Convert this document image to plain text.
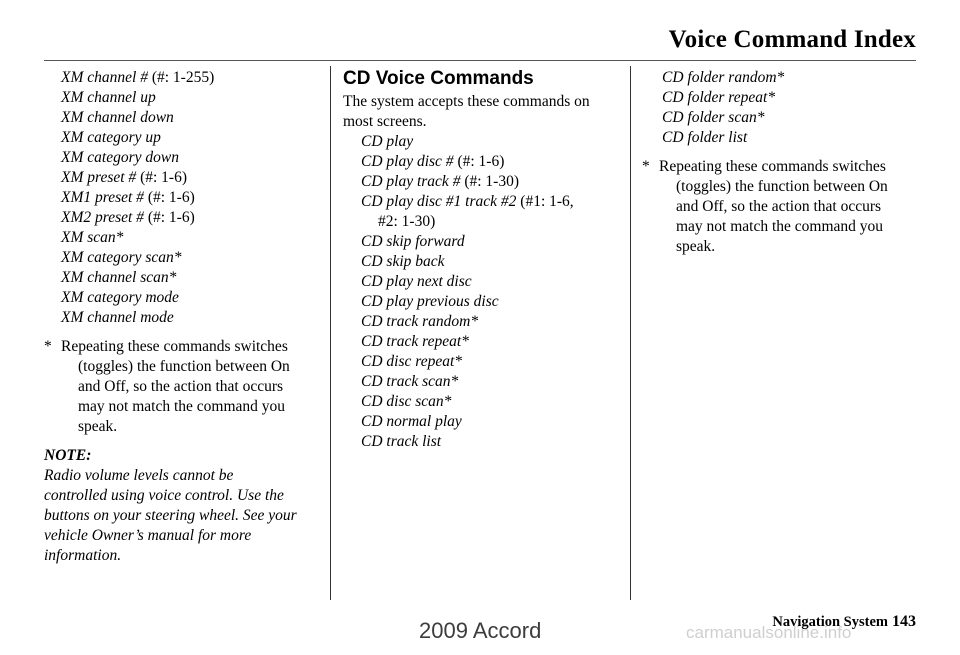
Voice Command Index
XM channel # (#: 1-255)
XM channel up
XM channel down
XM category up
XM category down
XM preset # (#: 1-6)
XM1 preset # (#: 1-6)
XM2 preset # (#: 1-6)
XM scan*
XM category scan*
XM channel scan*
XM category mode
XM channel mode
* Repeating these commands switches
(toggles) the function between On
and Off, so the action that occurs
may not match the command you
speak.
NOTE:
Radio volume levels cannot be
controlled using voice control. Use the
buttons on your steering wheel. See your
vehicle Owner’s manual for more
information.
CD Voice Commands
The system accepts these commands on
most screens.
CD play
CD play disc # (#: 1-6)
CD play track # (#: 1-30)
CD play disc #1 track #2 (#1: 1-6,
#2: 1-30)
CD skip forward
CD skip back
CD play next disc
CD play previous disc
CD track random*
CD track repeat*
CD disc repeat*
CD track scan*
CD disc scan*
CD normal play
CD track list
CD folder random*
CD folder repeat*
CD folder scan*
CD folder list
* Repeating these commands switches
(toggles) the function between On
and Off, so the action that occurs
may not match the command you
speak.
Navigation System 143
2009 Accord	carmanualsonline.info
